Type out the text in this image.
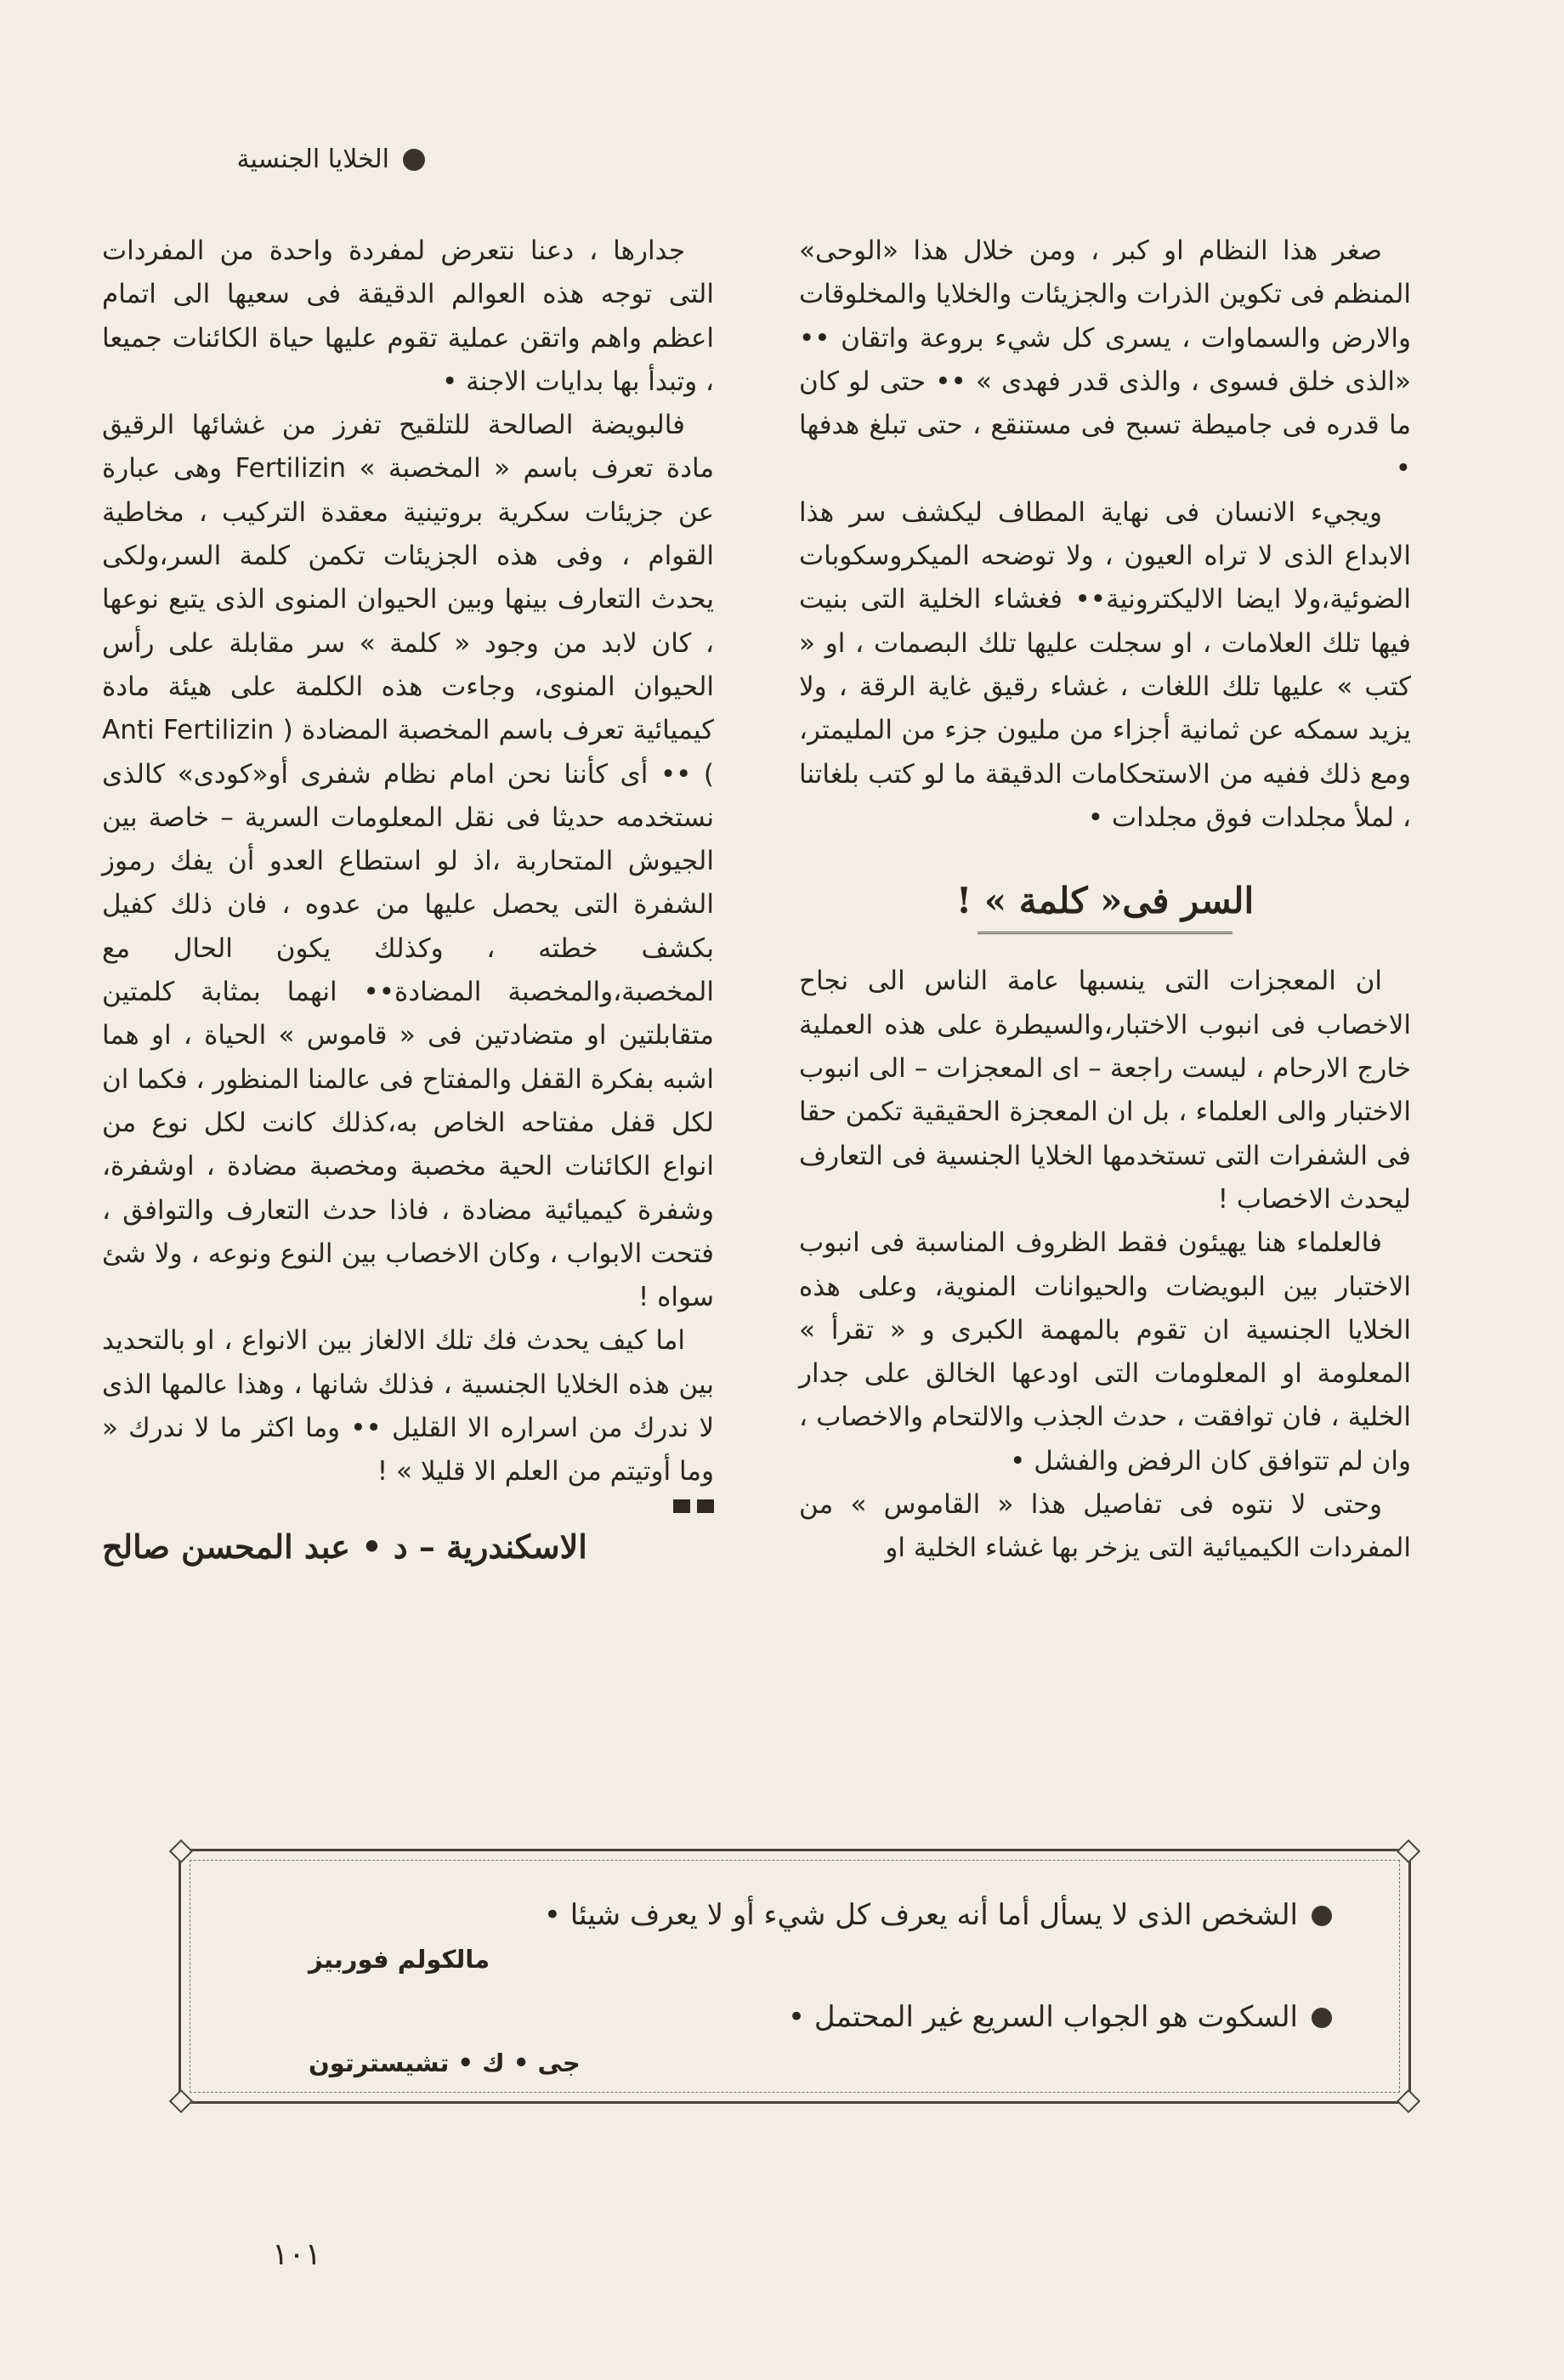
الخلايا الجنسية

صغر هذا النظام او كبر ، ومن خلال هذا «الوحى» المنظم فى تكوين الذرات والجزيئات والخلايا والمخلوقات والارض والسماوات ، يسرى كل شيء بروعة واتقان •• «الذى خلق فسوى ، والذى قدر فهدى » •• حتى لو كان ما قدره فى جاميطة تسبح فى مستنقع ، حتى تبلغ هدفها •

ويجيء الانسان فى نهاية المطاف ليكشف سر هذا الابداع الذى لا تراه العيون ، ولا توضحه الميكروسكوبات الضوئية،ولا ايضا الاليكترونية•• فغشاء الخلية التى بنيت فيها تلك العلامات ، او سجلت عليها تلك البصمات ، او « كتب » عليها تلك اللغات ، غشاء رقيق غاية الرقة ، ولا يزيد سمكه عن ثمانية أجزاء من مليون جزء من المليمتر، ومع ذلك ففيه من الاستحكامات الدقيقة ما لو كتب بلغاتنا ، لملأ مجلدات فوق مجلدات •

السر فى« كلمة » !

ان المعجزات التى ينسبها عامة الناس الى نجاح الاخصاب فى انبوب الاختبار،والسيطرة على هذه العملية خارج الارحام ، ليست راجعة – اى المعجزات – الى انبوب الاختبار والى العلماء ، بل ان المعجزة الحقيقية تكمن حقا فى الشفرات التى تستخدمها الخلايا الجنسية فى التعارف ليحدث الاخصاب !

فالعلماء هنا يهيئون فقط الظروف المناسبة فى انبوب الاختبار بين البويضات والحيوانات المنوية، وعلى هذه الخلايا الجنسية ان تقوم بالمهمة الكبرى و « تقرأ » المعلومة او المعلومات التى اودعها الخالق على جدار الخلية ، فان توافقت ، حدث الجذب والالتحام والاخصاب ، وان لم تتوافق كان الرفض والفشل •

وحتى لا نتوه فى تفاصيل هذا « القاموس » من المفردات الكيميائية التى يزخر بها غشاء الخلية او

جدارها ، دعنا نتعرض لمفردة واحدة من المفردات التى توجه هذه العوالم الدقيقة فى سعيها الى اتمام اعظم واهم واتقن عملية تقوم عليها حياة الكائنات جميعا ، وتبدأ بها بدايات الاجنة •

فالبويضة الصالحة للتلقيح تفرز من غشائها الرقيق مادة تعرف باسم « المخصبة » Fertilizin وهى عبارة عن جزيئات سكرية بروتينية معقدة التركيب ، مخاطية القوام ، وفى هذه الجزيئات تكمن كلمة السر،ولكى يحدث التعارف بينها وبين الحيوان المنوى الذى يتبع نوعها ، كان لابد من وجود « كلمة » سر مقابلة على رأس الحيوان المنوى، وجاءت هذه الكلمة على هيئة مادة كيميائية تعرف باسم المخصبة المضادة ( Anti Fertilizin ) •• أى كأننا نحن امام نظام شفرى أو«كودى» كالذى نستخدمه حديثا فى نقل المعلومات السرية – خاصة بين الجيوش المتحاربة ،اذ لو استطاع العدو أن يفك رموز الشفرة التى يحصل عليها من عدوه ، فان ذلك كفيل بكشف خطته ، وكذلك يكون الحال مع المخصبة،والمخصبة المضادة•• انهما بمثابة كلمتين متقابلتين او متضادتين فى « قاموس » الحياة ، او هما اشبه بفكرة القفل والمفتاح فى عالمنا المنظور ، فكما ان لكل قفل مفتاحه الخاص به،كذلك كانت لكل نوع من انواع الكائنات الحية مخصبة ومخصبة مضادة ، اوشفرة، وشفرة كيميائية مضادة ، فاذا حدث التعارف والتوافق ، فتحت الابواب ، وكان الاخصاب بين النوع ونوعه ، ولا شئ سواه !

اما كيف يحدث فك تلك الالغاز بين الانواع ، او بالتحديد بين هذه الخلايا الجنسية ، فذلك شانها ، وهذا عالمها الذى لا ندرك من اسراره الا القليل •• وما اكثر ما لا ندرك « وما أوتيتم من العلم الا قليلا » !

الاسكندرية – د • عبد المحسن صالح
الشخص الذى لا يسأل أما أنه يعرف كل شيء أو لا يعرف شيئا •
مالكولم فوربيز
السكوت هو الجواب السريع غير المحتمل •
جى • ك • تشيسترتون
١٠١
